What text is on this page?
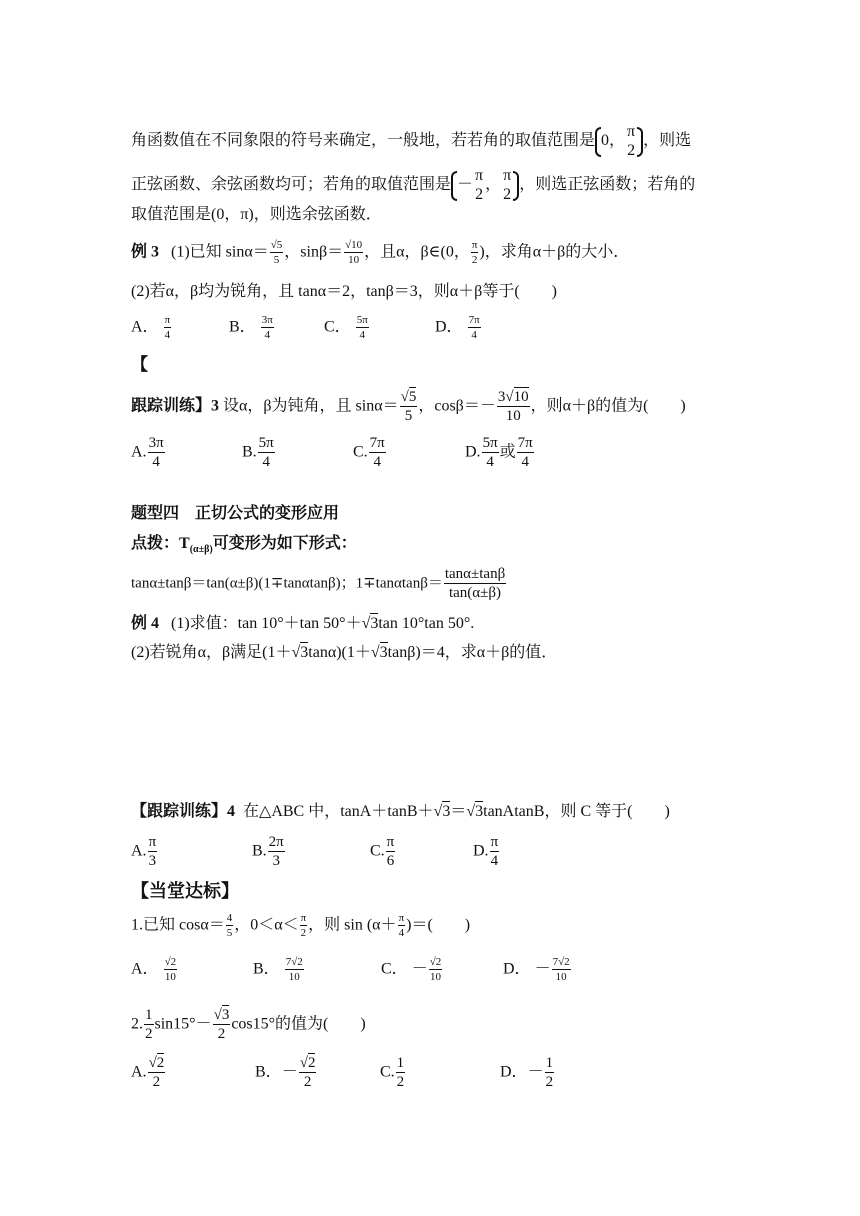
角函数值在不同象限的符号来确定，一般地，若若角的取值范围是 0，
π
2
，则选
正弦函数、余弦函数均可；若角的取值范围是 －
π
2
，
π
2
，则选正弦函数；若角的
取值范围是(0，π)，则选余弦函数．
例 3 (1)已知 $\sin\alpha= \frac{√5}{5}$ ，$\sin\beta= \frac{√10}{10}$ ，且α，β∈(0， $\frac{\pi}{2}$ )，求角α＋β的大小．
(2)若α，β均为锐角，且 tanα＝2，tanβ＝3，则α＋β等于(　　)
A． $\frac{\pi}{4}$	B． $\frac{3\pi}{4}$	C． $\frac{5\pi}{4}$	D． $\frac{7\pi}{4}$
【
跟踪训练】3 设α，β为钝角，且 $\sin\alpha= \frac{√5}{5}$ ，$\cos\beta=- \frac{3√10}{10}$ ，则α＋β的值为(　　)
A. $\frac{3\pi}{4}$	B. $\frac{5\pi}{4}$	C. $\frac{7\pi}{4}$	D. $\frac{5\pi}{4}$ 或 $\frac{7\pi}{4}$
题型四　正切公式的变形应用
点拨：$T_{(\alpha\pm\beta)}$可变形为如下形式：
tanα±tanβ＝tan(α±β)(1∓tanαtanβ)；$1\mp\tan\alpha\tan\beta= \frac{\tan\alpha\pm\tan\beta}{\tan(\alpha\pm\beta)}$
例 4 (1)求值：tan 10°＋tan 50°＋√3tan 10°tan 50°.
(2)若锐角α，β满足(1＋√3tanα)(1＋√3tanβ)＝4，求α＋β的值．
【跟踪训练】4 在△ABC 中，tanA＋tanB＋√3＝√3tanAtanB，则 C 等于(　　)
A. $\frac{\pi}{3}$	B. $\frac{2\pi}{3}$	C. $\frac{\pi}{6}$	D. $\frac{\pi}{4}$
【当堂达标】
1.已知 $\cos\alpha= \frac{4}{5}$ ，$0<\alpha< \frac{\pi}{2}$ ，则 $\sin (\alpha+ \frac{\pi}{4}$ )＝(　　)
A． $\frac{√2}{10}$	B． $\frac{7√2}{10}$	C． － $\frac{√2}{10}$	D． － $\frac{7√2}{10}$
2. $\frac{1}{2} \sin 15^\circ- \frac{√3}{2} \cos 15^\circ$的值为(　　)
A. $\frac{√2}{2}$	B．－ $\frac{√2}{2}$	C. $\frac{1}{2}$	D．－ $\frac{1}{2}$
